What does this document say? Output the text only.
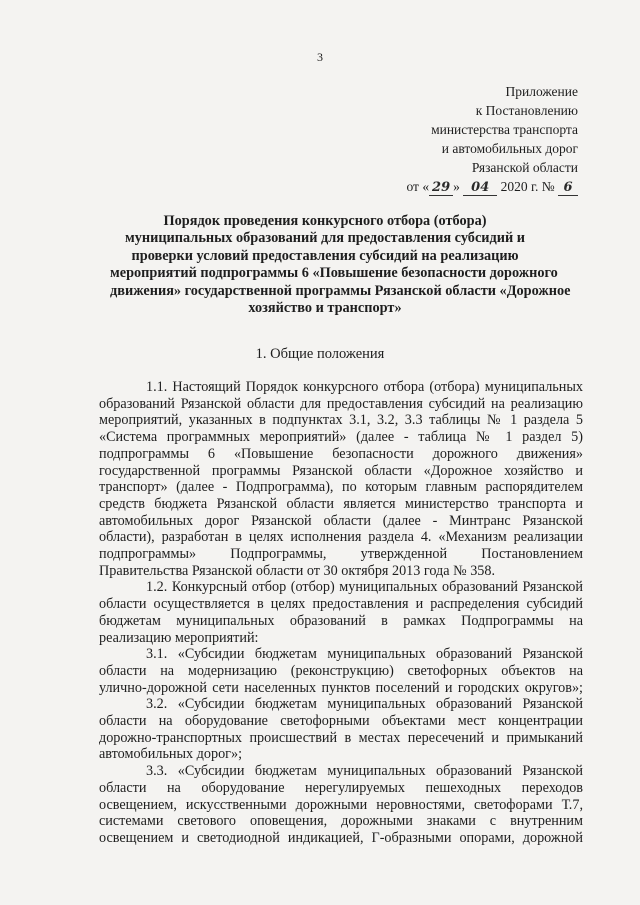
3
Приложение
к Постановлению
министерства транспорта
и автомобильных дорог
Рязанской области
от « 29 » 04 2020 г. № 6
Порядок проведения конкурсного отбора (отбора)
муниципальных образований для предоставления субсидий и
проверки условий предоставления субсидий на реализацию
мероприятий подпрограммы 6 «Повышение безопасности дорожного
движения» государственной программы Рязанской области «Дорожное
хозяйство и транспорт»
1. Общие положения
1.1. Настоящий Порядок конкурсного отбора (отбора) муниципальных
образований Рязанской области для предоставления субсидий на реализацию
мероприятий, указанных в подпунктах 3.1, 3.2, 3.3 таблицы № 1 раздела 5
«Система программных мероприятий» (далее - таблица № 1 раздел 5)
подпрограммы 6 «Повышение безопасности дорожного движения»
государственной программы Рязанской области «Дорожное хозяйство и
транспорт» (далее - Подпрограмма), по которым главным распорядителем
средств бюджета Рязанской области является министерство транспорта и
автомобильных дорог Рязанской области (далее - Минтранс Рязанской
области), разработан в целях исполнения раздела 4. «Механизм реализации
подпрограммы» Подпрограммы, утвержденной Постановлением
Правительства Рязанской области от 30 октября 2013 года № 358.
1.2. Конкурсный отбор (отбор) муниципальных образований Рязанской
области осуществляется в целях предоставления и распределения субсидий
бюджетам муниципальных образований в рамках Подпрограммы на
реализацию мероприятий:
3.1. «Субсидии бюджетам муниципальных образований Рязанской
области на модернизацию (реконструкцию) светофорных объектов на
улично-дорожной сети населенных пунктов поселений и городских округов»;
3.2. «Субсидии бюджетам муниципальных образований Рязанской
области на оборудование светофорными объектами мест концентрации
дорожно-транспортных происшествий в местах пересечений и примыканий
автомобильных дорог»;
3.3. «Субсидии бюджетам муниципальных образований Рязанской
области на оборудование нерегулируемых пешеходных переходов
освещением, искусственными дорожными неровностями, светофорами Т.7,
системами светового оповещения, дорожными знаками с внутренним
освещением и светодиодной индикацией, Г-образными опорами, дорожной
